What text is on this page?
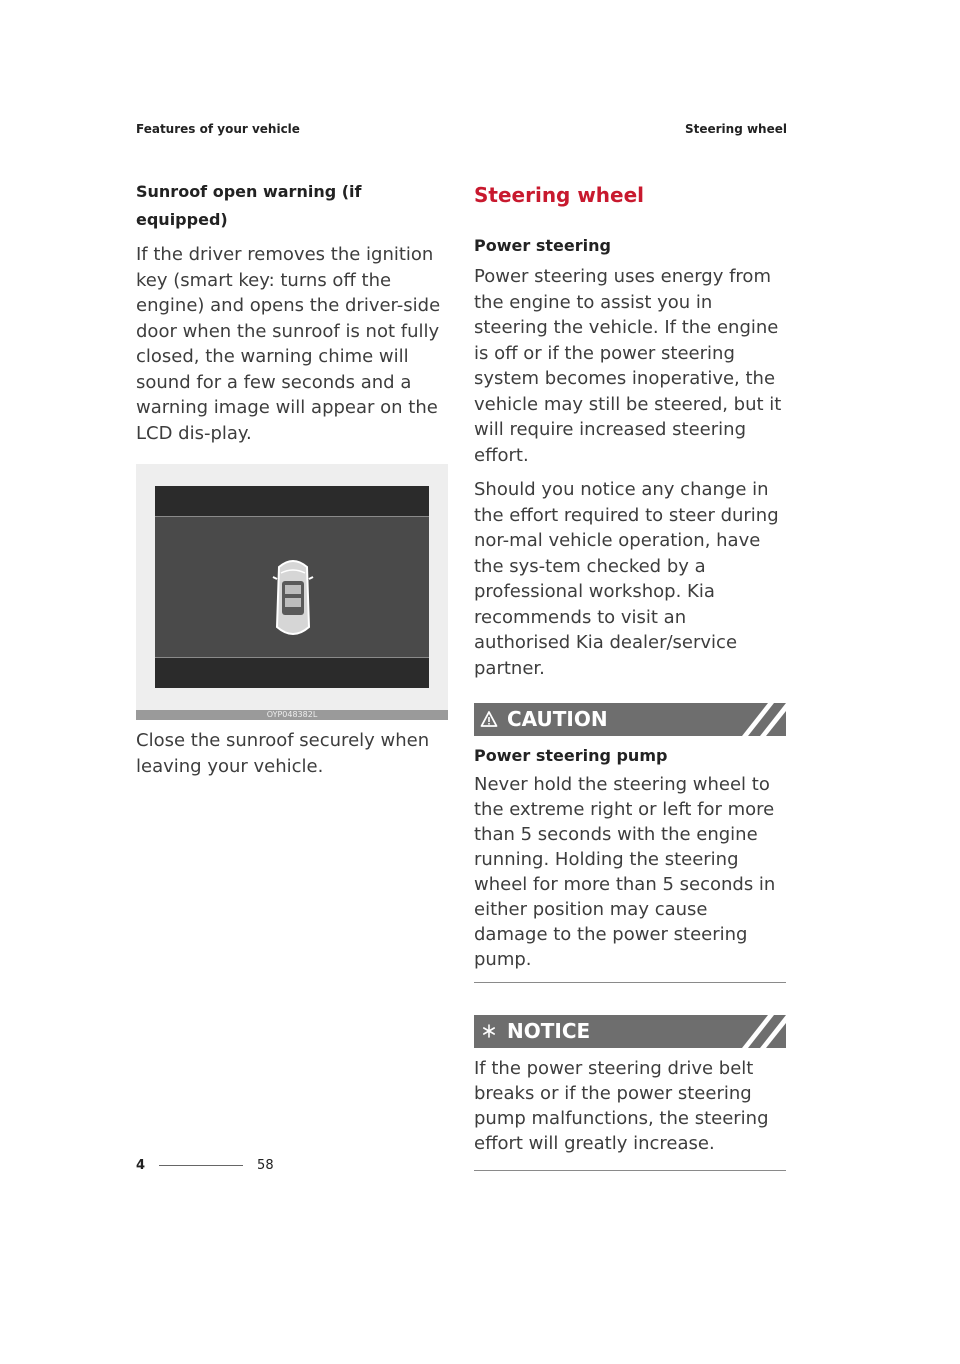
Features of your vehicle	Steering wheel

Sunroof open warning (if equipped)

If the driver removes the ignition key (smart key: turns off the engine) and opens the driver-side door when the sunroof is not fully closed, the warning chime will sound for a few seconds and a warning image will appear on the LCD dis-play.

OYP048382L

Close the sunroof securely when leaving your vehicle.

Steering wheel

Power steering

Power steering uses energy from the engine to assist you in steering the vehicle. If the engine is off or if the power steering system becomes inoperative, the vehicle may still be steered, but it will require increased steering effort.

Should you notice any change in the effort required to steer during nor-mal vehicle operation, have the sys-tem checked by a professional workshop. Kia recommends to visit an authorised Kia dealer/service partner.

CAUTION

Power steering pump

Never hold the steering wheel to the extreme right or left for more than 5 seconds with the engine running. Holding the steering wheel for more than 5 seconds in either position may cause damage to the power steering pump.

NOTICE

If the power steering drive belt breaks or if the power steering pump malfunctions, the steering effort will greatly increase.

4	58
